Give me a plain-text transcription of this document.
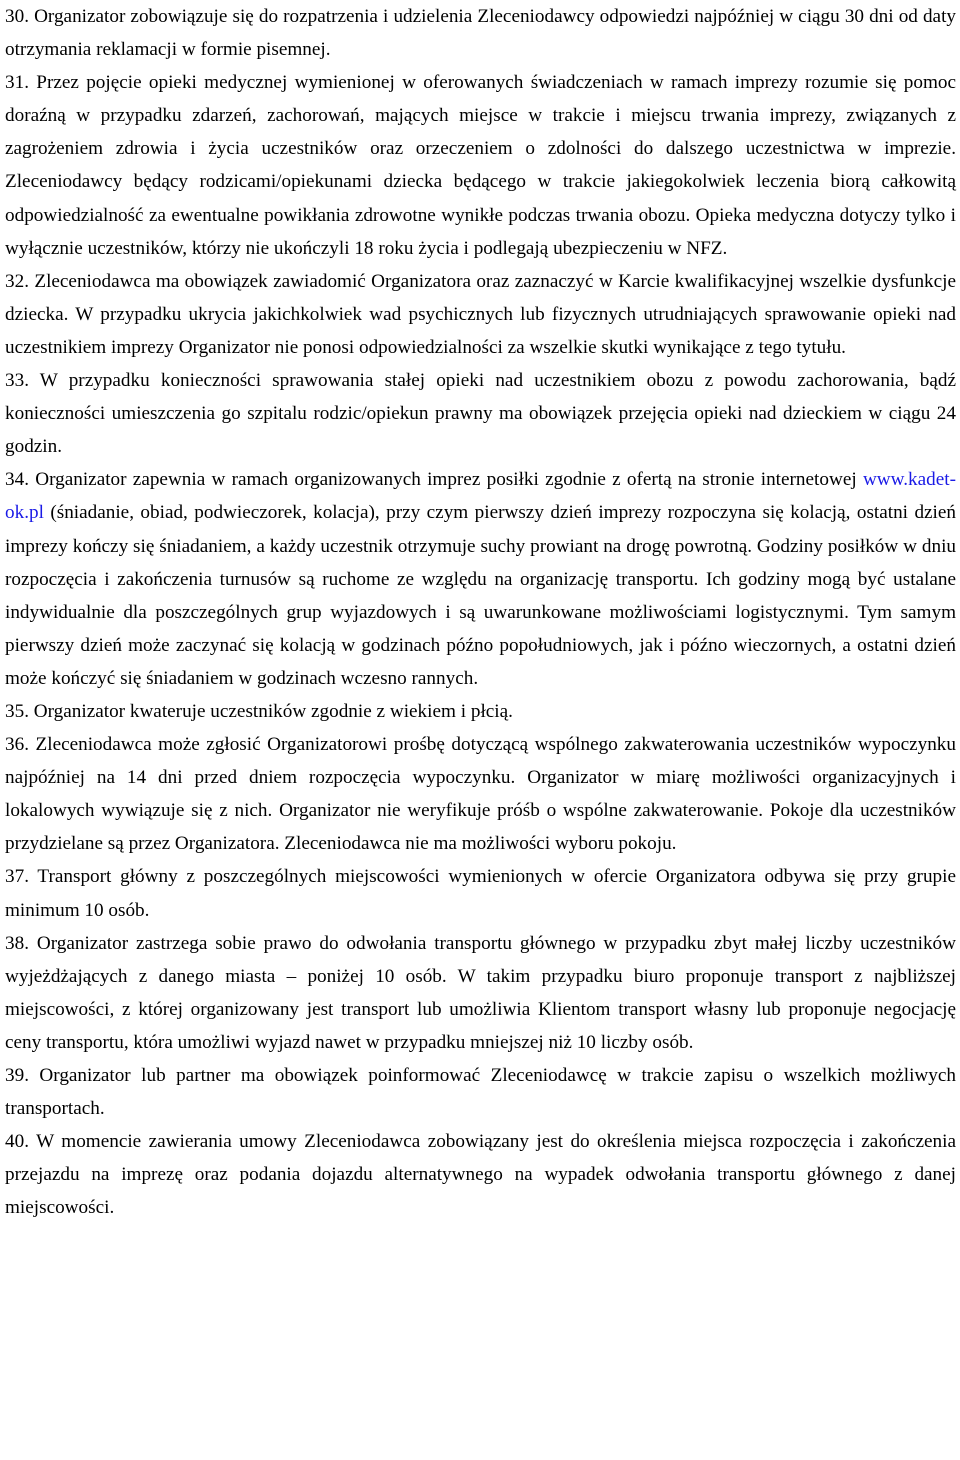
30. Organizator zobowiązuje się do rozpatrzenia i udzielenia Zleceniodawcy odpowiedzi najpóźniej w ciągu 30 dni od daty otrzymania reklamacji w formie pisemnej.

31. Przez pojęcie opieki medycznej wymienionej w oferowanych świadczeniach w ramach imprezy rozumie się pomoc doraźną w przypadku zdarzeń, zachorowań, mających miejsce w trakcie i miejscu trwania imprezy, związanych z zagrożeniem zdrowia i życia uczestników oraz orzeczeniem o zdolności do dalszego uczestnictwa w imprezie. Zleceniodawcy będący rodzicami/opiekunami dziecka będącego w trakcie jakiegokolwiek leczenia biorą całkowitą odpowiedzialność za ewentualne powikłania zdrowotne wynikłe podczas trwania obozu. Opieka medyczna dotyczy tylko i wyłącznie uczestników, którzy nie ukończyli 18 roku życia i podlegają ubezpieczeniu w NFZ.

32. Zleceniodawca ma obowiązek zawiadomić Organizatora oraz zaznaczyć w Karcie kwalifikacyjnej wszelkie dysfunkcje dziecka. W przypadku ukrycia jakichkolwiek wad psychicznych lub fizycznych utrudniających sprawowanie opieki nad uczestnikiem imprezy Organizator nie ponosi odpowiedzialności za wszelkie skutki wynikające z tego tytułu.

33. W przypadku konieczności sprawowania stałej opieki nad uczestnikiem obozu z powodu zachorowania, bądź konieczności umieszczenia go szpitalu rodzic/opiekun prawny ma obowiązek przejęcia opieki nad dzieckiem w ciągu 24 godzin.

34. Organizator zapewnia w ramach organizowanych imprez posiłki zgodnie z ofertą na stronie internetowej www.kadet-ok.pl (śniadanie, obiad, podwieczorek, kolacja), przy czym pierwszy dzień imprezy rozpoczyna się kolacją, ostatni dzień imprezy kończy się śniadaniem, a każdy uczestnik otrzymuje suchy prowiant na drogę powrotną. Godziny posiłków w dniu rozpoczęcia i zakończenia turnusów są ruchome ze względu na organizację transportu. Ich godziny mogą być ustalane indywidualnie dla poszczególnych grup wyjazdowych i są uwarunkowane możliwościami logistycznymi. Tym samym pierwszy dzień może zaczynać się kolacją w godzinach późno popołudniowych, jak i późno wieczornych, a ostatni dzień może kończyć się śniadaniem w godzinach wczesno rannych.

35. Organizator kwateruje uczestników zgodnie z wiekiem i płcią.

36. Zleceniodawca może zgłosić Organizatorowi prośbę dotyczącą wspólnego zakwaterowania uczestników wypoczynku najpóźniej na 14 dni przed dniem rozpoczęcia wypoczynku. Organizator w miarę możliwości organizacyjnych i lokalowych wywiązuje się z nich. Organizator nie weryfikuje próśb o wspólne zakwaterowanie. Pokoje dla uczestników przydzielane są przez Organizatora. Zleceniodawca nie ma możliwości wyboru pokoju.

37. Transport główny z poszczególnych miejscowości wymienionych w ofercie Organizatora odbywa się przy grupie minimum 10 osób.

38. Organizator zastrzega sobie prawo do odwołania transportu głównego w przypadku zbyt małej liczby uczestników wyjeżdżających z danego miasta – poniżej 10 osób. W takim przypadku biuro proponuje transport z najbliższej miejscowości, z której organizowany jest transport lub umożliwia Klientom transport własny lub proponuje negocjację ceny transportu, która umożliwi wyjazd nawet w przypadku mniejszej niż 10 liczby osób.

39. Organizator lub partner ma obowiązek poinformować Zleceniodawcę w trakcie zapisu o wszelkich możliwych transportach.

40. W momencie zawierania umowy Zleceniodawca zobowiązany jest do określenia miejsca rozpoczęcia i zakończenia przejazdu na imprezę oraz podania dojazdu alternatywnego na wypadek odwołania transportu głównego z danej miejscowości.
